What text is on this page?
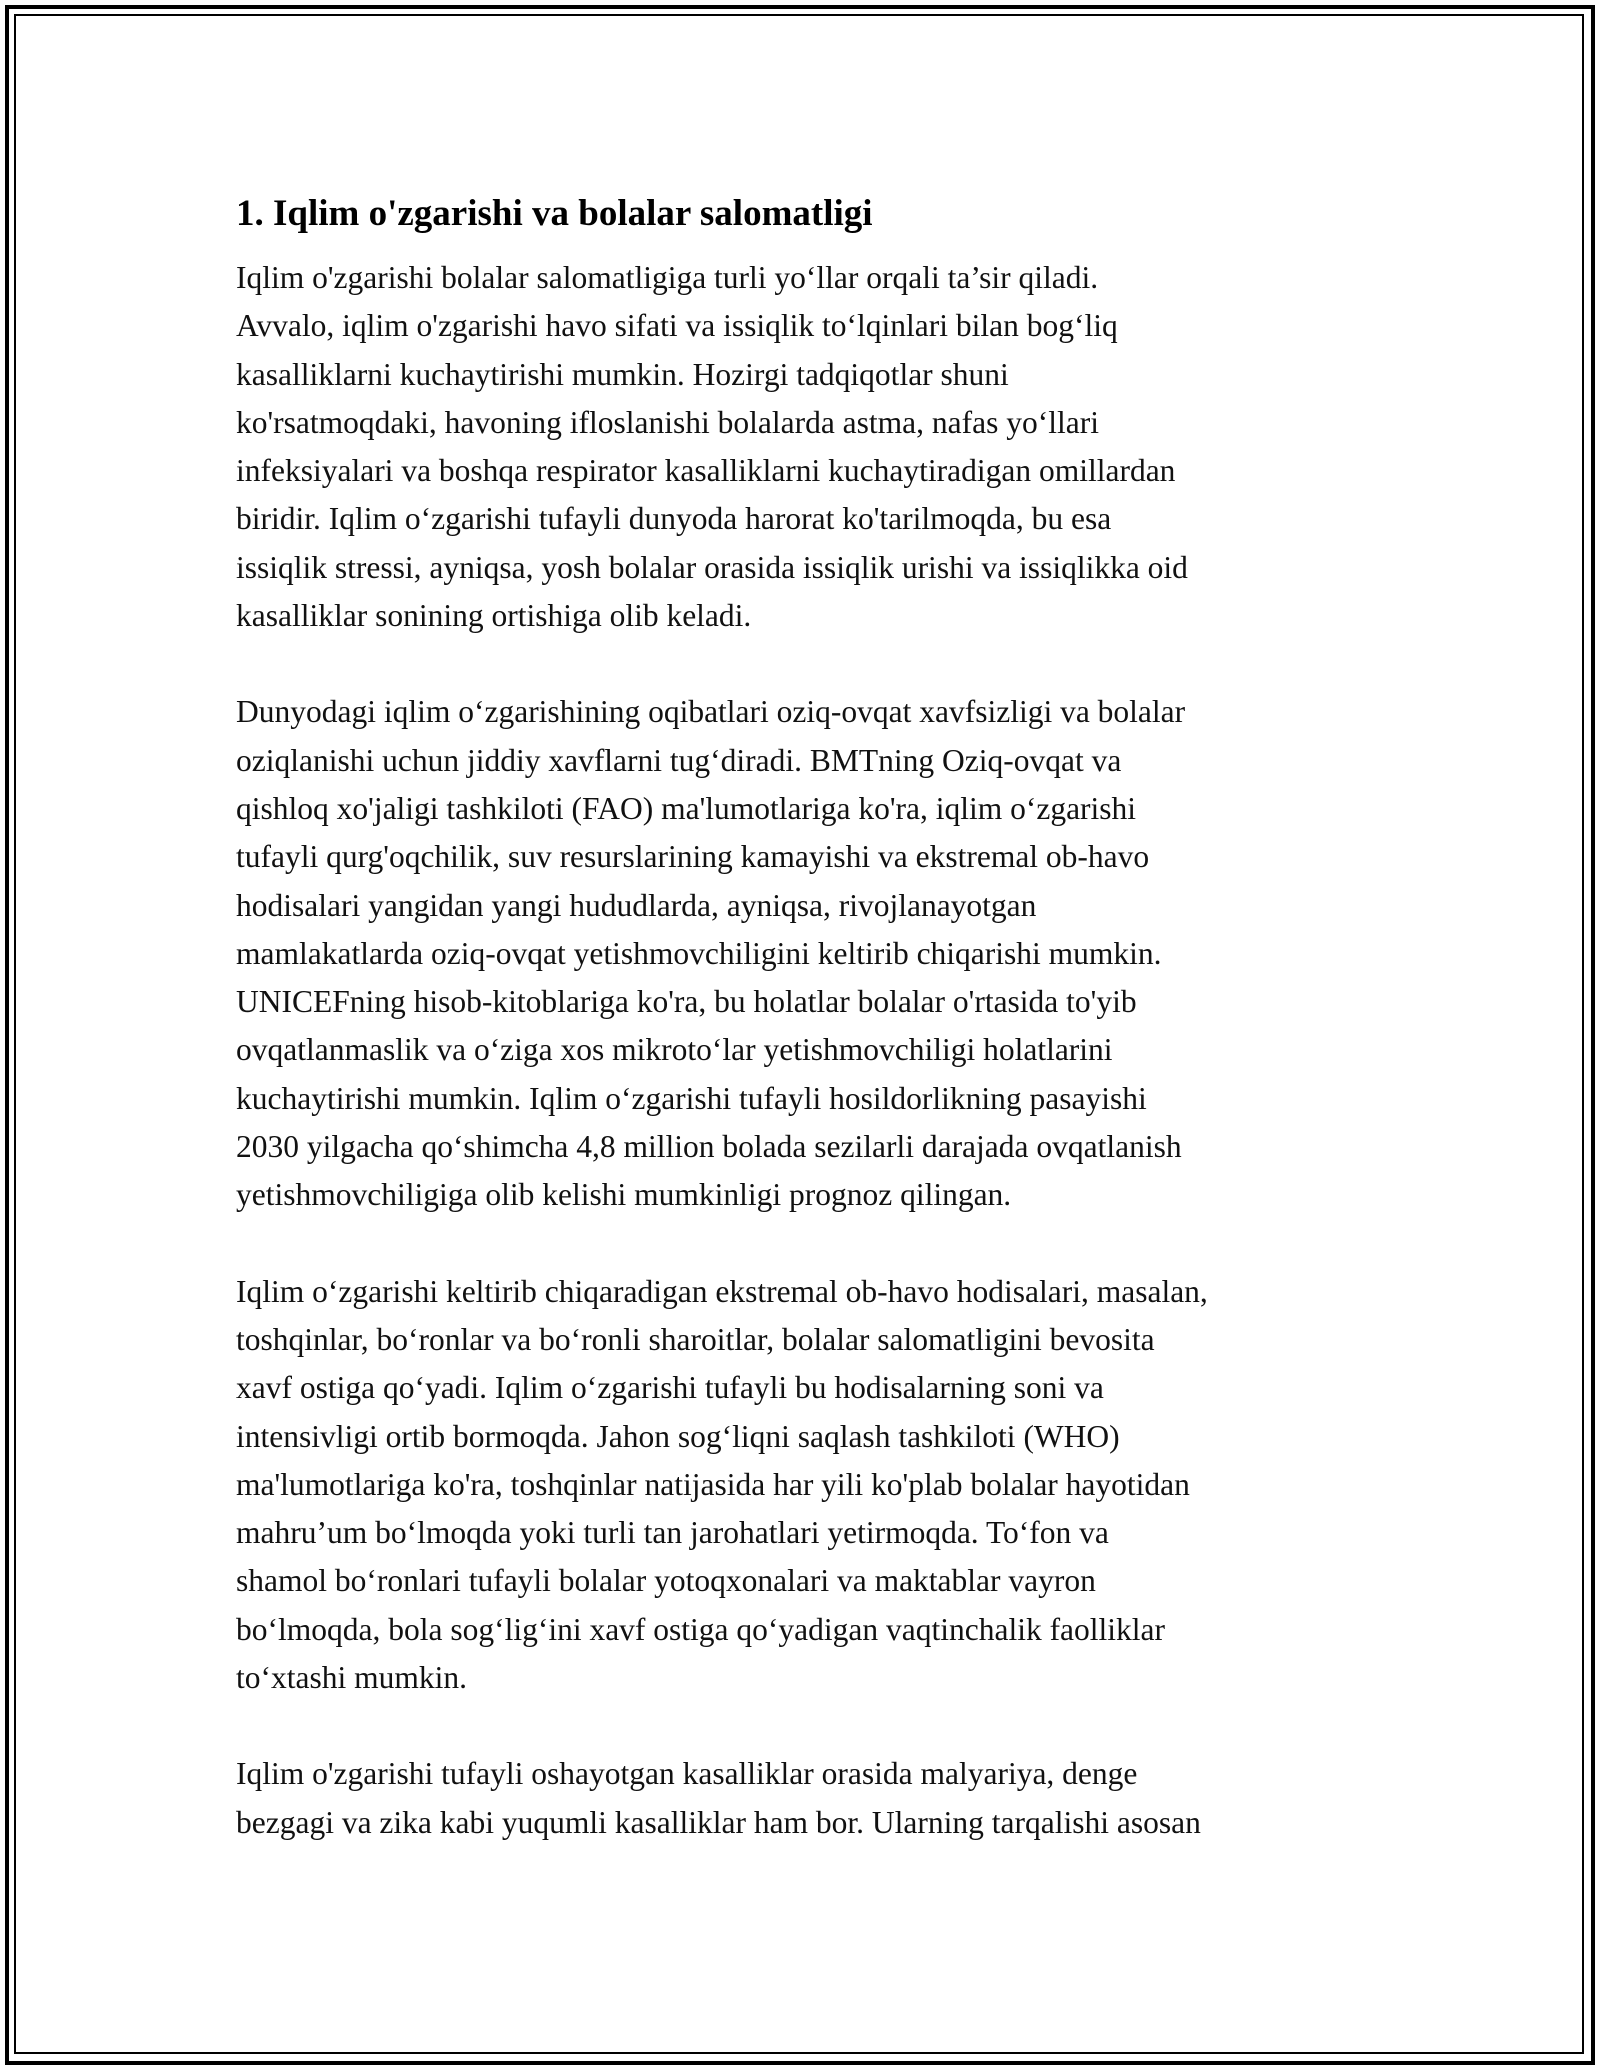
1. Iqlim o'zgarishi va bolalar salomatligi

Iqlim o'zgarishi bolalar salomatligiga turli yo‘llar orqali ta’sir qiladi.
Avvalo, iqlim o'zgarishi havo sifati va issiqlik to‘lqinlari bilan bog‘liq
kasalliklarni kuchaytirishi mumkin. Hozirgi tadqiqotlar shuni
ko'rsatmoqdaki, havoning ifloslanishi bolalarda astma, nafas yo‘llari
infeksiyalari va boshqa respirator kasalliklarni kuchaytiradigan omillardan
biridir. Iqlim o‘zgarishi tufayli dunyoda harorat ko'tarilmoqda, bu esa
issiqlik stressi, ayniqsa, yosh bolalar orasida issiqlik urishi va issiqlikka oid
kasalliklar sonining ortishiga olib keladi.

Dunyodagi iqlim o‘zgarishining oqibatlari oziq-ovqat xavfsizligi va bolalar
oziqlanishi uchun jiddiy xavflarni tug‘diradi. BMTning Oziq-ovqat va
qishloq xo'jaligi tashkiloti (FAO) ma'lumotlariga ko'ra, iqlim o‘zgarishi
tufayli qurg'oqchilik, suv resurslarining kamayishi va ekstremal ob-havo
hodisalari yangidan yangi hududlarda, ayniqsa, rivojlanayotgan
mamlakatlarda oziq-ovqat yetishmovchiligini keltirib chiqarishi mumkin.
UNICEFning hisob-kitoblariga ko'ra, bu holatlar bolalar o'rtasida to'yib
ovqatlanmaslik va o‘ziga xos mikroto‘lar yetishmovchiligi holatlarini
kuchaytirishi mumkin. Iqlim o‘zgarishi tufayli hosildorlikning pasayishi
2030 yilgacha qo‘shimcha 4,8 million bolada sezilarli darajada ovqatlanish
yetishmovchiligiga olib kelishi mumkinligi prognoz qilingan.

Iqlim o‘zgarishi keltirib chiqaradigan ekstremal ob-havo hodisalari, masalan,
toshqinlar, bo‘ronlar va bo‘ronli sharoitlar, bolalar salomatligini bevosita
xavf ostiga qo‘yadi. Iqlim o‘zgarishi tufayli bu hodisalarning soni va
intensivligi ortib bormoqda. Jahon sog‘liqni saqlash tashkiloti (WHO)
ma'lumotlariga ko'ra, toshqinlar natijasida har yili ko'plab bolalar hayotidan
mahru’um bo‘lmoqda yoki turli tan jarohatlari yetirmoqda. To‘fon va
shamol bo‘ronlari tufayli bolalar yotoqxonalari va maktablar vayron
bo‘lmoqda, bola sog‘lig‘ini xavf ostiga qo‘yadigan vaqtinchalik faolliklar
to‘xtashi mumkin.

Iqlim o'zgarishi tufayli oshayotgan kasalliklar orasida malyariya, denge
bezgagi va zika kabi yuqumli kasalliklar ham bor. Ularning tarqalishi asosan
